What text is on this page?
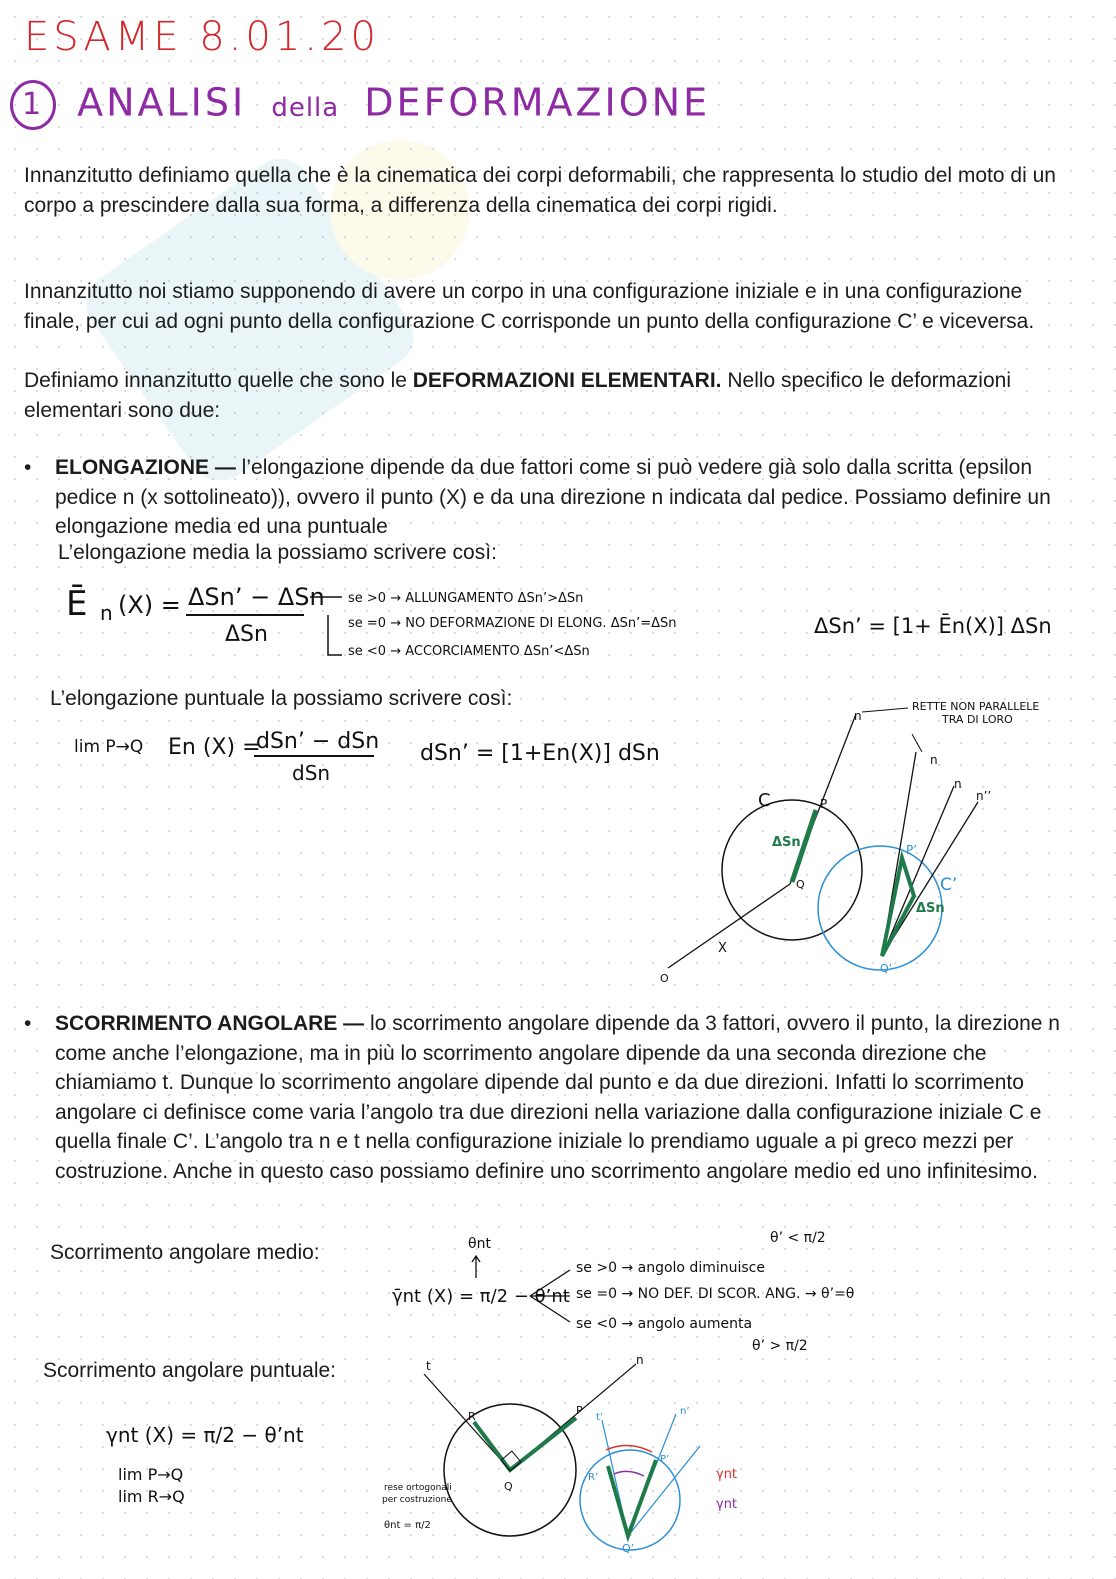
ESAME 8.01.20
1 ANALISI della DEFORMAZIONE
Innanzitutto definiamo quella che è la cinematica dei corpi deformabili, che rappresenta lo studio del moto di un corpo a prescindere dalla sua forma, a differenza della cinematica dei corpi rigidi.
Innanzitutto noi stiamo supponendo di avere un corpo in una configurazione iniziale e in una configurazione finale, per cui ad ogni punto della configurazione C corrisponde un punto della configurazione C’ e viceversa.
Definiamo innanzitutto quelle che sono le DEFORMAZIONI ELEMENTARI. Nello specifico le deformazioni elementari sono due:
• ELONGAZIONE — l’elongazione dipende da due fattori come si può vedere già solo dalla scritta (epsilon pedice n (x sottolineato)), ovvero il punto (X) e da una direzione n indicata dal pedice. Possiamo definire un elongazione media ed una puntuale
L’elongazione media la possiamo scrivere così:
Ē n (X) = ΔSn’ − ΔSn
ΔSn
se >0 → ALLUNGAMENTO ΔSn’>ΔSn
se =0 → NO DEFORMAZIONE DI ELONG. ΔSn’=ΔSn
se <0 → ACCORCIAMENTO ΔSn’<ΔSn
ΔSn’ = [1+ Ēn(X)] ΔSn
L’elongazione puntuale la possiamo scrivere così:
lim P→Q En (X) =
dSn’ − dSn
dSn
dSn’ = [1+En(X)] dSn
RETTE NON PARALLELE
TRA DI LORO
n
n
n
n’’
C
C’
P
P’
Q
Q’
ΔSn
ΔSn
X
O
• SCORRIMENTO ANGOLARE — lo scorrimento angolare dipende da 3 fattori, ovvero il punto, la direzione n come anche l’elongazione, ma in più lo scorrimento angolare dipende da una seconda direzione che chiamiamo t. Dunque lo scorrimento angolare dipende dal punto e da due direzioni. Infatti lo scorrimento angolare ci definisce come varia l’angolo tra due direzioni nella variazione dalla configurazione iniziale C e quella finale C’. L’angolo tra n e t nella configurazione iniziale lo prendiamo uguale a pi greco mezzi per costruzione. Anche in questo caso possiamo definire uno scorrimento angolare medio ed uno infinitesimo.
Scorrimento angolare medio:	θnt
γ̄nt (X) = π/2 − θ’nt
se >0 → angolo diminuisce
θ’ < π/2
se =0 → NO DEF. DI SCOR. ANG. → θ’=θ
se <0 → angolo aumenta
θ’ > π/2
Scorrimento angolare puntuale:
γnt (X) = π/2 − θ’nt
lim P→Q
lim R→Q
t	n
R	P
Q
rese ortogonali
per costruzione
θnt = π/2
Q’
n’
t’
R’
P’
γnt
γnt
